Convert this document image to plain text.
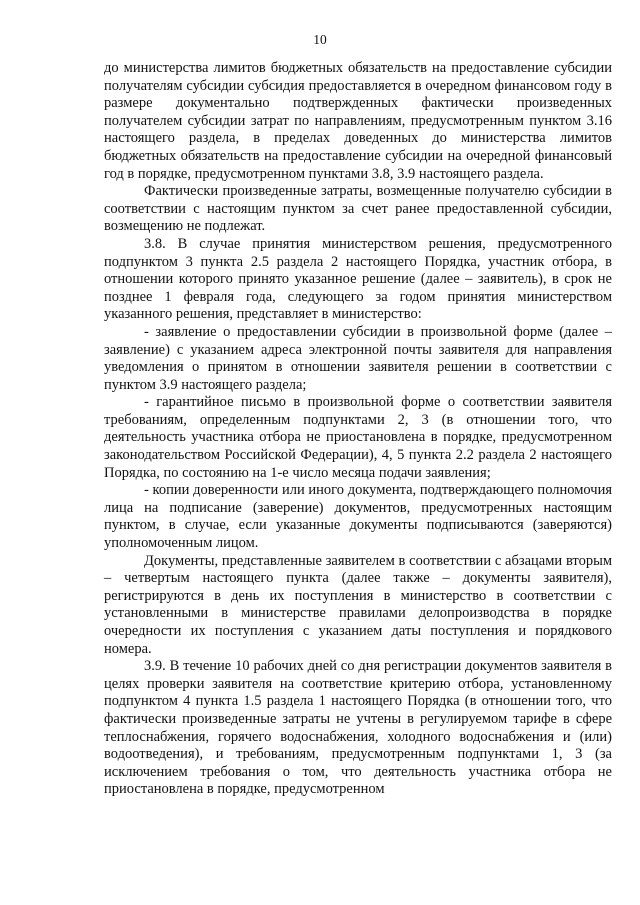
10

до министерства лимитов бюджетных обязательств на предоставление субсидии получателям субсидии субсидия предоставляется в очередном финансовом году в размере документально подтвержденных фактически произведенных получателем субсидии затрат по направлениям, предусмотренным пунктом 3.16 настоящего раздела, в пределах доведенных до министерства лимитов бюджетных обязательств на предоставление субсидии на очередной финансовый год в порядке, предусмотренном пунктами 3.8, 3.9 настоящего раздела.

Фактически произведенные затраты, возмещенные получателю субсидии в соответствии с настоящим пунктом за счет ранее предоставленной субсидии, возмещению не подлежат.

3.8. В случае принятия министерством решения, предусмотренного подпунктом 3 пункта 2.5 раздела 2 настоящего Порядка, участник отбора, в отношении которого принято указанное решение (далее – заявитель), в срок не позднее 1 февраля года, следующего за годом принятия министерством указанного решения, представляет в министерство:

- заявление о предоставлении субсидии в произвольной форме (далее – заявление) с указанием адреса электронной почты заявителя для направления уведомления о принятом в отношении заявителя решении в соответствии с пунктом 3.9 настоящего раздела;

- гарантийное письмо в произвольной форме о соответствии заявителя требованиям, определенным подпунктами 2, 3 (в отношении того, что деятельность участника отбора не приостановлена в порядке, предусмотренном законодательством Российской Федерации), 4, 5 пункта 2.2 раздела 2 настоящего Порядка, по состоянию на 1-е число месяца подачи заявления;

- копии доверенности или иного документа, подтверждающего полномочия лица на подписание (заверение) документов, предусмотренных настоящим пунктом, в случае, если указанные документы подписываются (заверяются) уполномоченным лицом.

Документы, представленные заявителем в соответствии с абзацами вторым – четвертым настоящего пункта (далее также – документы заявителя), регистрируются в день их поступления в министерство в соответствии с установленными в министерстве правилами делопроизводства в порядке очередности их поступления с указанием даты поступления и порядкового номера.

3.9. В течение 10 рабочих дней со дня регистрации документов заявителя в целях проверки заявителя на соответствие критерию отбора, установленному подпунктом 4 пункта 1.5 раздела 1 настоящего Порядка (в отношении того, что фактически произведенные затраты не учтены в регулируемом тарифе в сфере теплоснабжения, горячего водоснабжения, холодного водоснабжения и (или) водоотведения), и требованиям, предусмотренным подпунктами 1, 3 (за исключением требования о том, что деятельность участника отбора не приостановлена в порядке, предусмотренном
